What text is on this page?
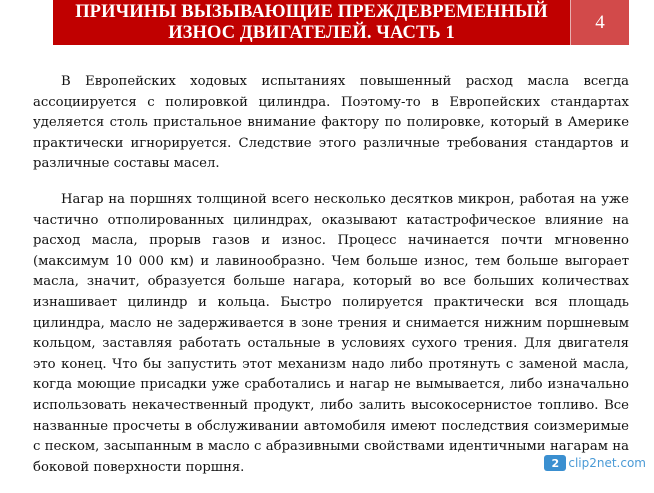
ПРИЧИНЫ ВЫЗЫВАЮЩИЕ ПРЕЖДЕВРЕМЕННЫЙ
ИЗНОС ДВИГАТЕЛЕЙ. ЧАСТЬ 1
4

В Европейских ходовых испытаниях повышенный расход масла всегда ассоциируется с полировкой цилиндра. Поэтому-то в Европейских стандартах уделяется столь пристальное внимание фактору по полировке, который в Америке практически игнорируется. Следствие этого различные требования стандартов и различные составы масел.

Нагар на поршнях толщиной всего несколько десятков микрон, работая на уже частично отполированных цилиндрах, оказывают катастрофическое влияние на расход масла, прорыв газов и износ. Процесс начинается почти мгновенно (максимум 10 000 км) и лавинообразно. Чем больше износ, тем больше выгорает масла, значит, образуется больше нагара, который во все больших количествах изнашивает цилиндр и кольца. Быстро полируется практически вся площадь цилиндра, масло не задерживается в зоне трения и снимается нижним поршневым кольцом, заставляя работать остальные в условиях сухого трения. Для двигателя это конец. Что бы запустить этот механизм надо либо протянуть с заменой масла, когда моющие присадки уже сработались и нагар не вымывается, либо изначально использовать некачественный продукт, либо залить высокосернистое топливо. Все названные просчеты в обслуживании автомобиля имеют последствия соизмеримые с песком, засыпанным в масло с абразивными свойствами идентичными нагарам на боковой поверхности поршня.	2 clip2net.com
